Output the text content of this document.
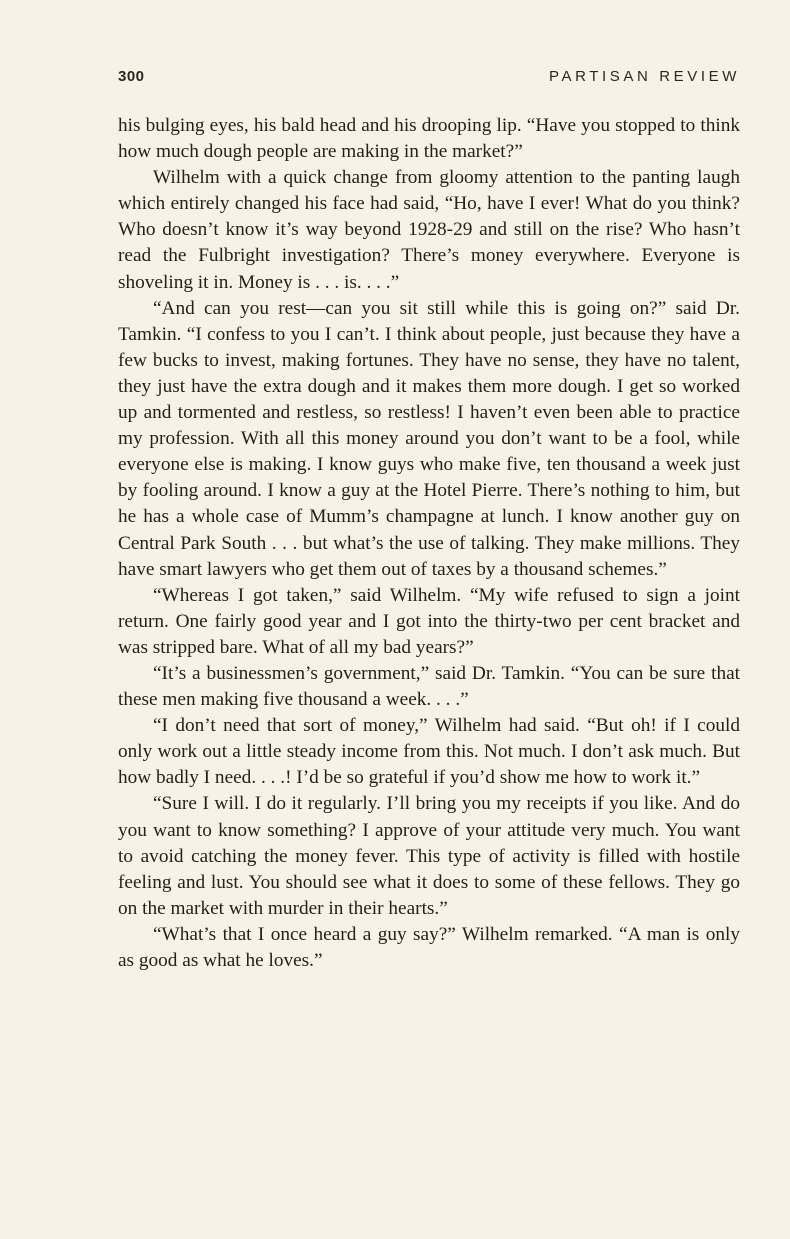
300	PARTISAN REVIEW

his bulging eyes, his bald head and his drooping lip. “Have you stopped to think how much dough people are making in the market?”

Wilhelm with a quick change from gloomy attention to the panting laugh which entirely changed his face had said, “Ho, have I ever! What do you think? Who doesn’t know it’s way beyond 1928-29 and still on the rise? Who hasn’t read the Fulbright investigation? There’s money everywhere. Everyone is shoveling it in. Money is . . . is. . . .”

“And can you rest—can you sit still while this is going on?” said Dr. Tamkin. “I confess to you I can’t. I think about people, just because they have a few bucks to invest, making fortunes. They have no sense, they have no talent, they just have the extra dough and it makes them more dough. I get so worked up and tormented and restless, so restless! I haven’t even been able to practice my profession. With all this money around you don’t want to be a fool, while everyone else is making. I know guys who make five, ten thousand a week just by fooling around. I know a guy at the Hotel Pierre. There’s nothing to him, but he has a whole case of Mumm’s champagne at lunch. I know another guy on Central Park South . . . but what’s the use of talking. They make millions. They have smart lawyers who get them out of taxes by a thousand schemes.”

“Whereas I got taken,” said Wilhelm. “My wife refused to sign a joint return. One fairly good year and I got into the thirty-two per cent bracket and was stripped bare. What of all my bad years?”

“It’s a businessmen’s government,” said Dr. Tamkin. “You can be sure that these men making five thousand a week. . . .”

“I don’t need that sort of money,” Wilhelm had said. “But oh! if I could only work out a little steady income from this. Not much. I don’t ask much. But how badly I need. . . .! I’d be so grateful if you’d show me how to work it.”

“Sure I will. I do it regularly. I’ll bring you my receipts if you like. And do you want to know something? I approve of your attitude very much. You want to avoid catching the money fever. This type of activity is filled with hostile feeling and lust. You should see what it does to some of these fellows. They go on the market with murder in their hearts.”

“What’s that I once heard a guy say?” Wilhelm remarked. “A man is only as good as what he loves.”
